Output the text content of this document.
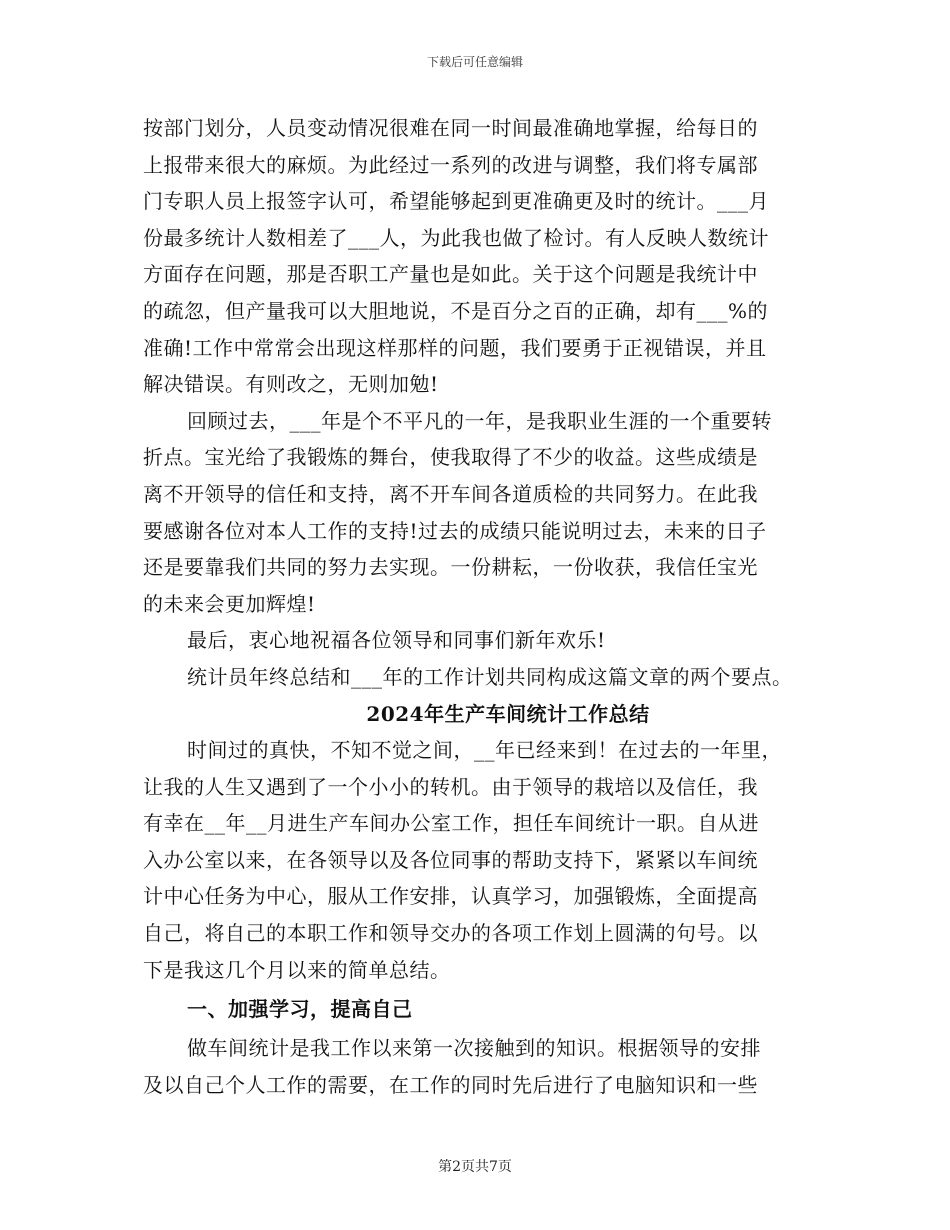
下载后可任意编辑
按部门划分，人员变动情况很难在同一时间最准确地掌握，给每日的
上报带来很大的麻烦。为此经过一系列的改进与调整，我们将专属部
门专职人员上报签字认可，希望能够起到更准确更及时的统计。___月
份最多统计人数相差了___人，为此我也做了检讨。有人反映人数统计
方面存在问题，那是否职工产量也是如此。关于这个问题是我统计中
的疏忽，但产量我可以大胆地说，不是百分之百的正确，却有___%的
准确!工作中常常会出现这样那样的问题，我们要勇于正视错误，并且
解决错误。有则改之，无则加勉!
回顾过去，___年是个不平凡的一年，是我职业生涯的一个重要转
折点。宝光给了我锻炼的舞台，使我取得了不少的收益。这些成绩是
离不开领导的信任和支持，离不开车间各道质检的共同努力。在此我
要感谢各位对本人工作的支持!过去的成绩只能说明过去，未来的日子
还是要靠我们共同的努力去实现。一份耕耘，一份收获，我信任宝光
的未来会更加辉煌!
最后，衷心地祝福各位领导和同事们新年欢乐!
统计员年终总结和___年的工作计划共同构成这篇文章的两个要点。
2024年生产车间统计工作总结
时间过的真快，不知不觉之间，__年已经来到！在过去的一年里，
让我的人生又遇到了一个小小的转机。由于领导的栽培以及信任，我
有幸在__年__月进生产车间办公室工作，担任车间统计一职。自从进
入办公室以来，在各领导以及各位同事的帮助支持下，紧紧以车间统
计中心任务为中心，服从工作安排，认真学习，加强锻炼，全面提高
自己，将自己的本职工作和领导交办的各项工作划上圆满的句号。以
下是我这几个月以来的简单总结。
一、加强学习，提高自己
做车间统计是我工作以来第一次接触到的知识。根据领导的安排
及以自己个人工作的需要，在工作的同时先后进行了电脑知识和一些
第2页共7页
